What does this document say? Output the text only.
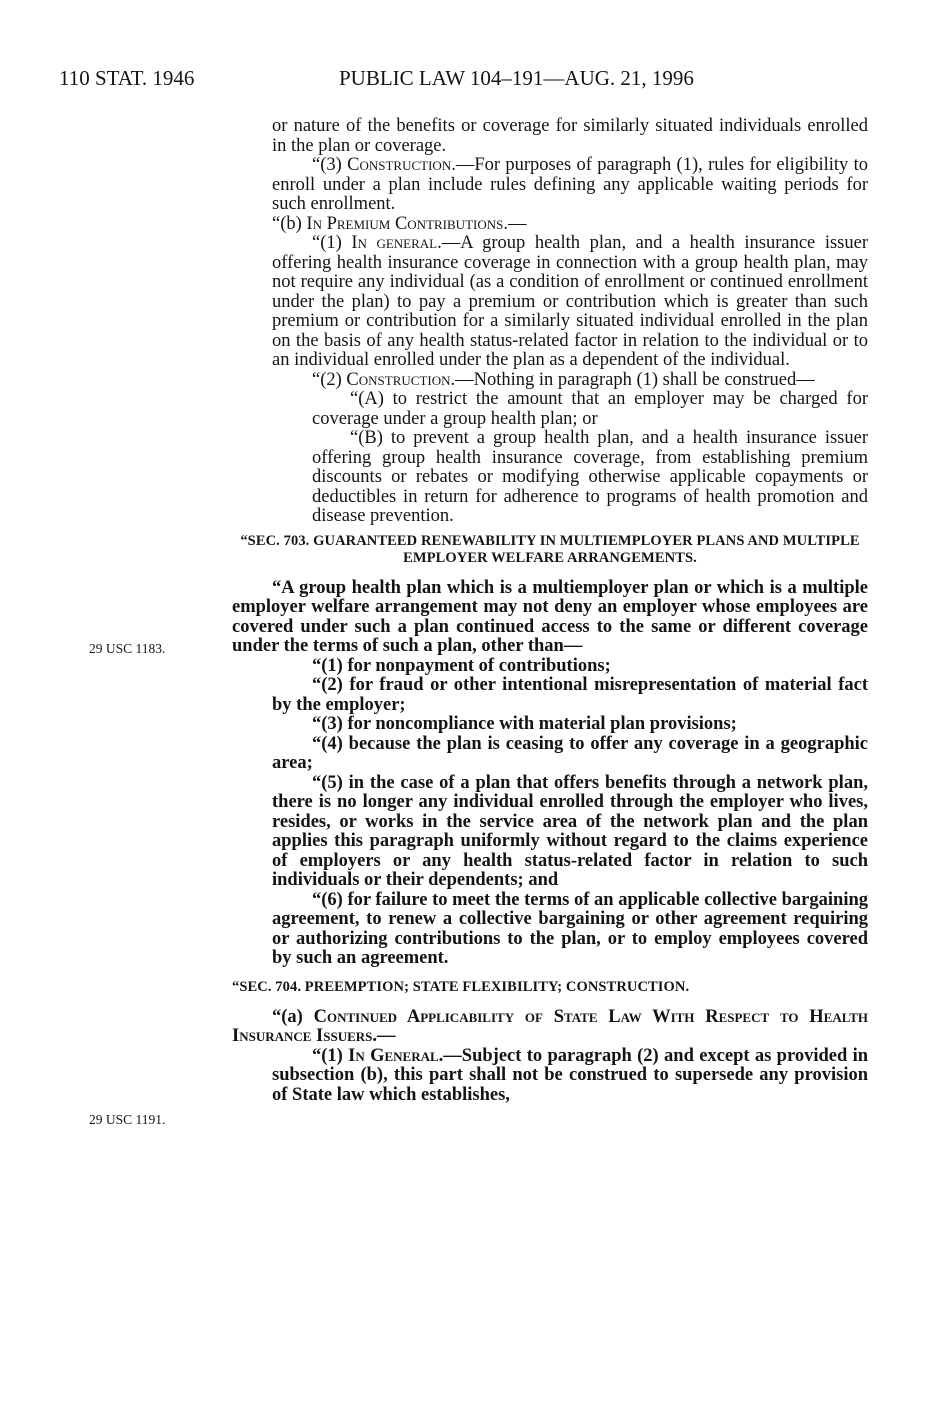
110 STAT. 1946	PUBLIC LAW 104–191—AUG. 21, 1996
29 USC 1183.
29 USC 1191.

or nature of the benefits or coverage for similarly situated individuals enrolled in the plan or coverage.

“(3) Construction.—For purposes of paragraph (1), rules for eligibility to enroll under a plan include rules defining any applicable waiting periods for such enrollment.

“(b) In Premium Contributions.—

“(1) In general.—A group health plan, and a health insurance issuer offering health insurance coverage in connection with a group health plan, may not require any individual (as a condition of enrollment or continued enrollment under the plan) to pay a premium or contribution which is greater than such premium or contribution for a similarly situated individual enrolled in the plan on the basis of any health status-related factor in relation to the individual or to an individual enrolled under the plan as a dependent of the individual.

“(2) Construction.—Nothing in paragraph (1) shall be construed—

“(A) to restrict the amount that an employer may be charged for coverage under a group health plan; or

“(B) to prevent a group health plan, and a health insurance issuer offering group health insurance coverage, from establishing premium discounts or rebates or modifying otherwise applicable copayments or deductibles in return for adherence to programs of health promotion and disease prevention.

“SEC. 703. GUARANTEED RENEWABILITY IN MULTIEMPLOYER PLANS AND MULTIPLE EMPLOYER WELFARE ARRANGEMENTS.

“A group health plan which is a multiemployer plan or which is a multiple employer welfare arrangement may not deny an employer whose employees are covered under such a plan continued access to the same or different coverage under the terms of such a plan, other than—

“(1) for nonpayment of contributions;

“(2) for fraud or other intentional misrepresentation of material fact by the employer;

“(3) for noncompliance with material plan provisions;

“(4) because the plan is ceasing to offer any coverage in a geographic area;

“(5) in the case of a plan that offers benefits through a network plan, there is no longer any individual enrolled through the employer who lives, resides, or works in the service area of the network plan and the plan applies this paragraph uniformly without regard to the claims experience of employers or any health status-related factor in relation to such individuals or their dependents; and

“(6) for failure to meet the terms of an applicable collective bargaining agreement, to renew a collective bargaining or other agreement requiring or authorizing contributions to the plan, or to employ employees covered by such an agreement.

“SEC. 704. PREEMPTION; STATE FLEXIBILITY; CONSTRUCTION.

“(a) Continued Applicability of State Law With Respect to Health Insurance Issuers.—

“(1) In General.—Subject to paragraph (2) and except as provided in subsection (b), this part shall not be construed to supersede any provision of State law which establishes,
